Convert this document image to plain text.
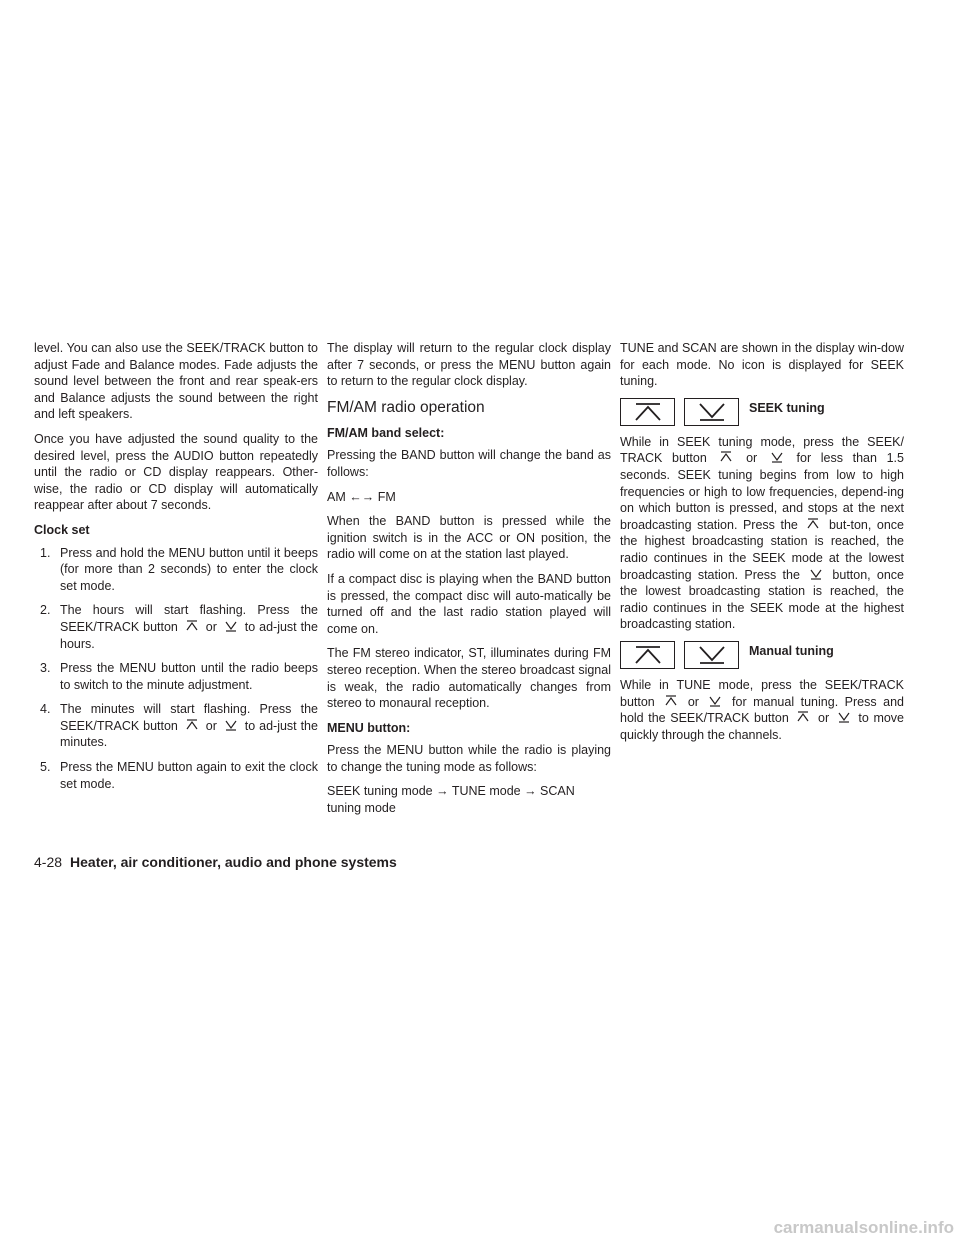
level. You can also use the SEEK/TRACK button to adjust Fade and Balance modes. Fade adjusts the sound level between the front and rear speak-ers and Balance adjusts the sound between the right and left speakers.

Once you have adjusted the sound quality to the desired level, press the AUDIO button repeatedly until the radio or CD display reappears. Other-wise, the radio or CD display will automatically reappear after about 7 seconds.

Clock set
1. Press and hold the MENU button until it beeps (for more than 2 seconds) to enter the clock set mode.
2. The hours will start flashing. Press the SEEK/TRACK button or to ad-just the hours.
3. Press the MENU button until the radio beeps to switch to the minute adjustment.
4. The minutes will start flashing. Press the SEEK/TRACK button or to ad-just the minutes.
5. Press the MENU button again to exit the clock set mode.

The display will return to the regular clock display after 7 seconds, or press the MENU button again to return to the regular clock display.

FM/AM radio operation
FM/AM band select:

Pressing the BAND button will change the band as follows:

AM ←→ FM

When the BAND button is pressed while the ignition switch is in the ACC or ON position, the radio will come on at the station last played.

If a compact disc is playing when the BAND button is pressed, the compact disc will auto-matically be turned off and the last radio station played will come on.

The FM stereo indicator, ST, illuminates during FM stereo reception. When the stereo broadcast signal is weak, the radio automatically changes from stereo to monaural reception.

MENU button:

Press the MENU button while the radio is playing to change the tuning mode as follows:

SEEK tuning mode → TUNE mode → SCAN tuning mode

TUNE and SCAN are shown in the display win-dow for each mode. No icon is displayed for SEEK tuning.

SEEK tuning

While in SEEK tuning mode, press the SEEK/ TRACK button	or	for less than 1.5 seconds. SEEK tuning begins from low to high frequencies or high to low frequencies, depend-ing on which button is pressed, and stops at the next broadcasting station. Press the but-ton, once the highest broadcasting station is reached, the radio continues in the SEEK mode at the lowest broadcasting station. Press the	button, once the lowest broadcasting station is reached, the radio continues in the SEEK mode at the highest broadcasting station.

Manual tuning

While in TUNE mode, press the SEEK/TRACK button	or	for manual tuning. Press and hold the SEEK/TRACK button or to move quickly through the channels.

4-28 Heater, air conditioner, audio and phone systems
carmanualsonline.info
